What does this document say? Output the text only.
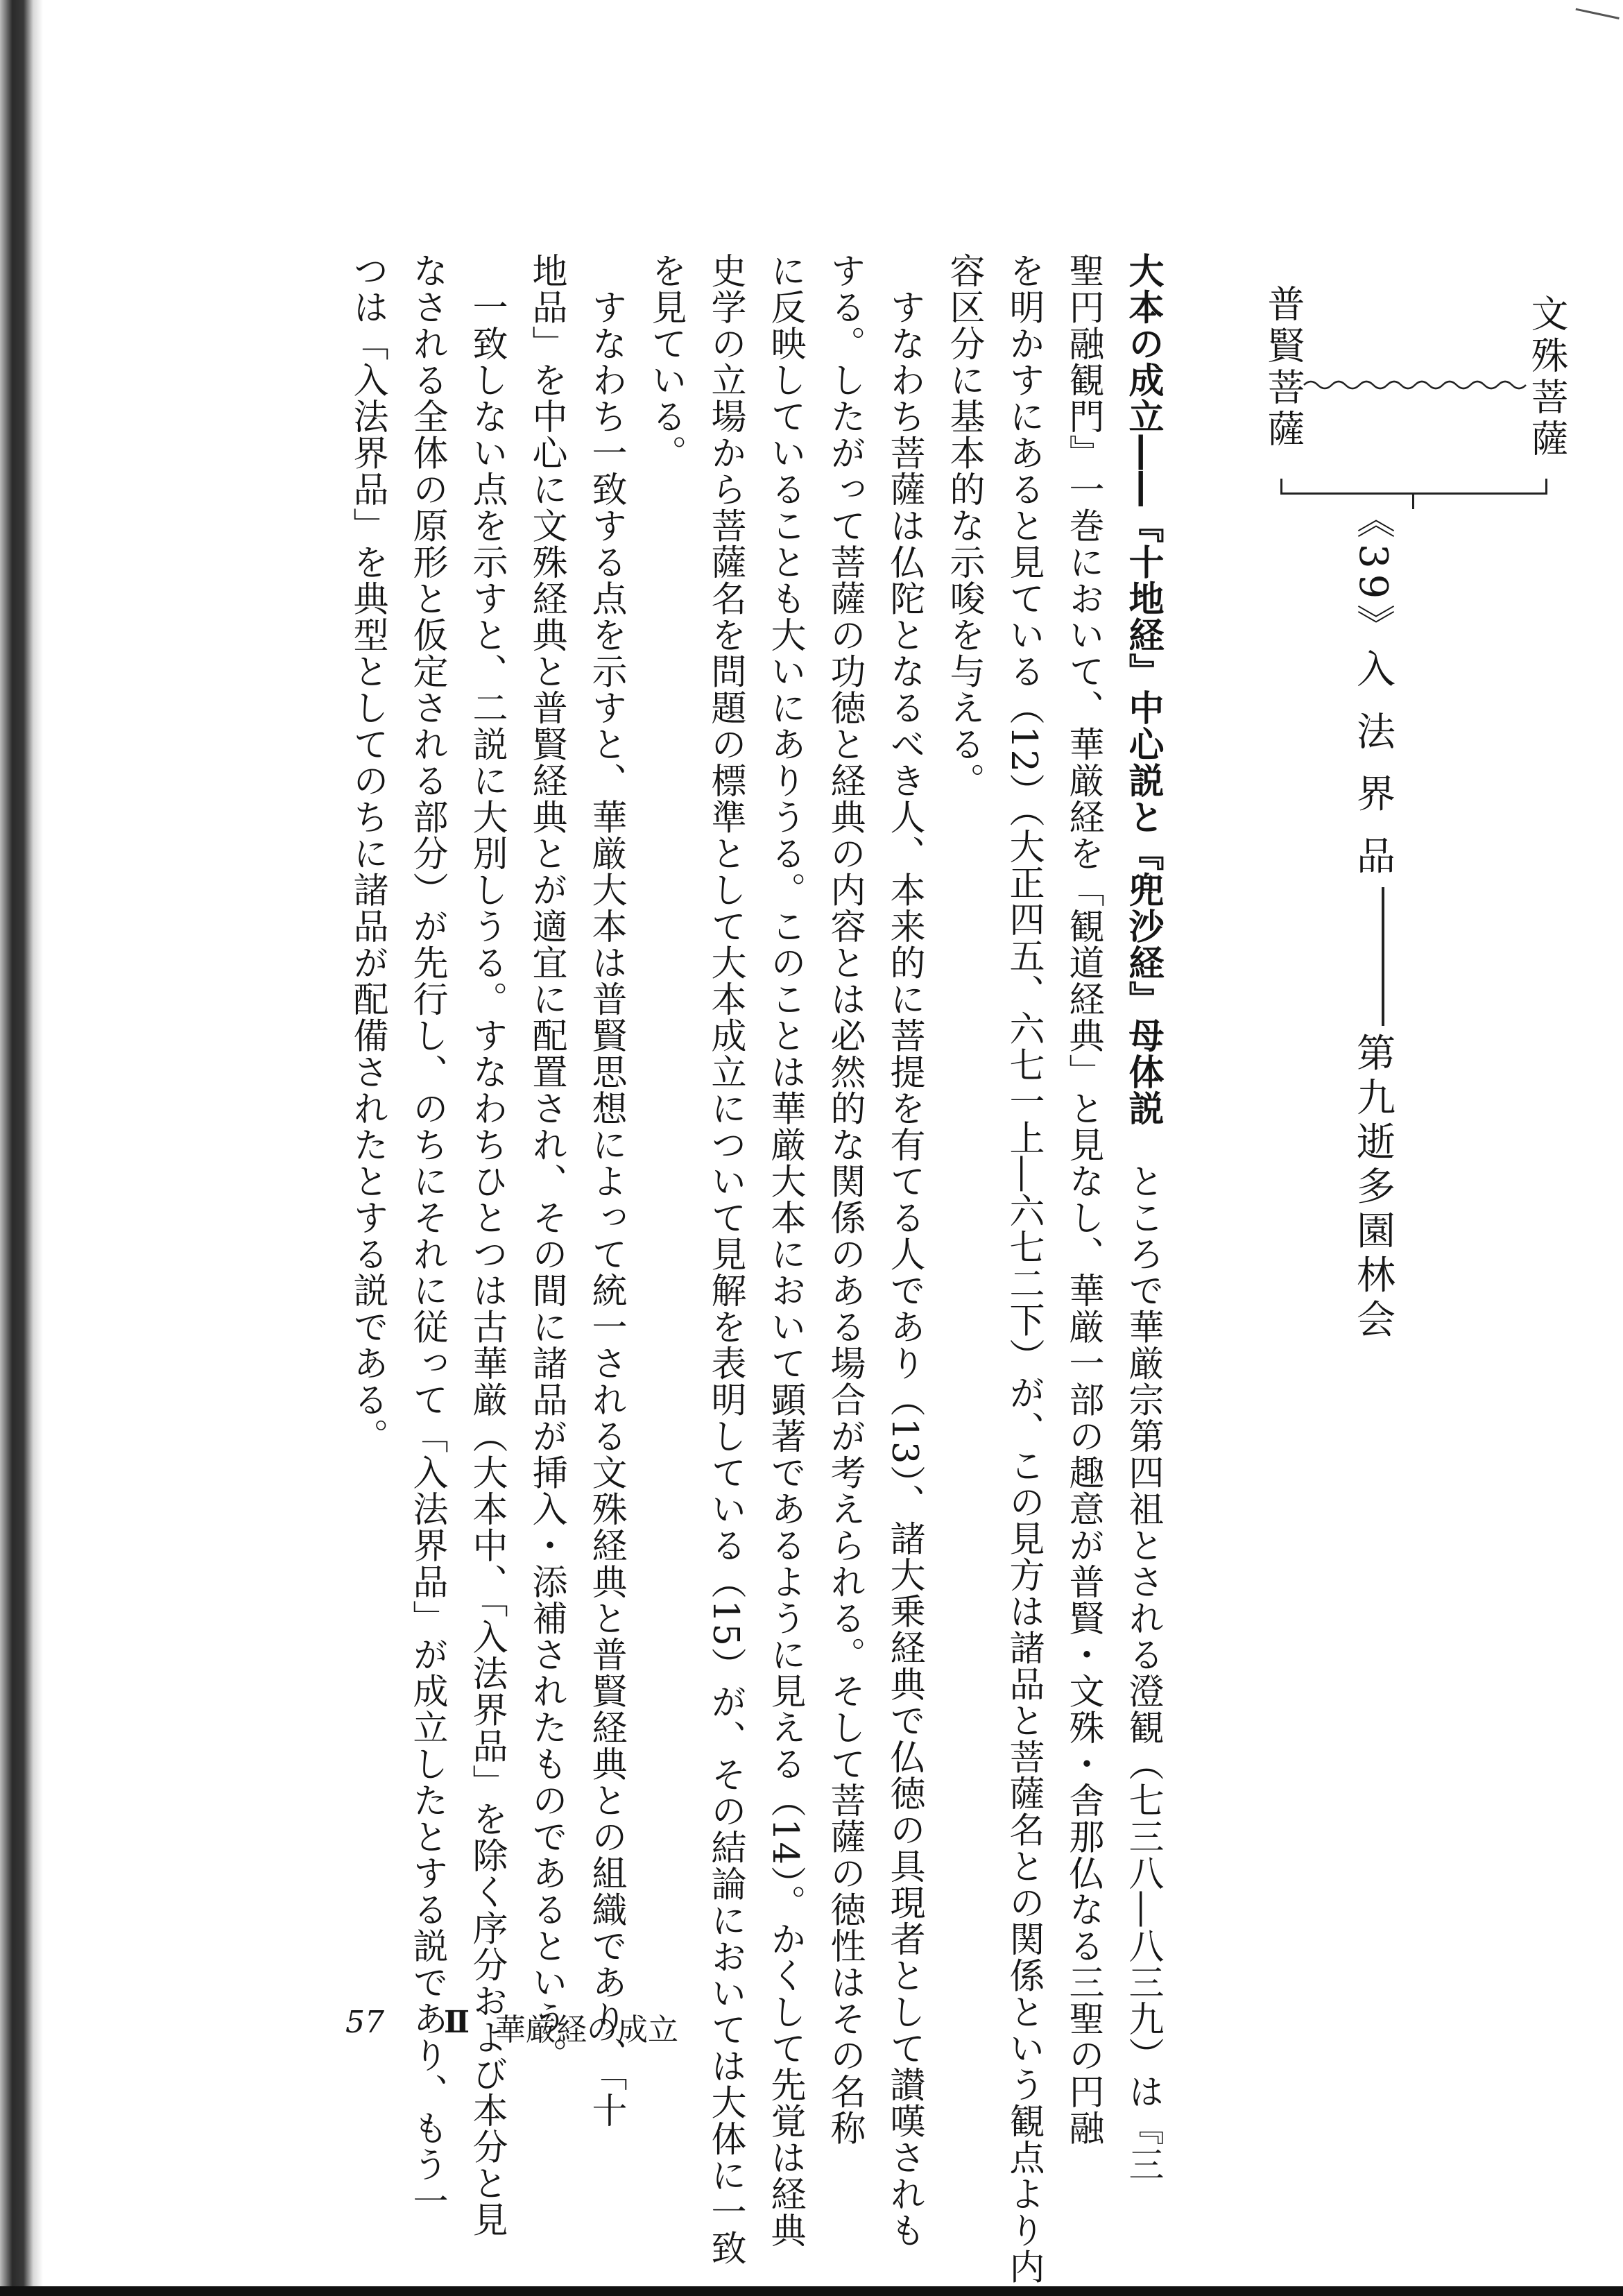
文殊菩薩
普賢菩薩
《39》入 法 界 品第九逝多園林会
大本の成立――『十地経』中心説と『兜沙経』母体説　ところで華厳宗第四祖とされる澄観（七三八―八三九）は『三
聖円融観門』一巻において、華厳経を「観道経典」と見なし、華厳一部の趣意が普賢・文殊・舎那仏なる三聖の円融
を明かすにあると見ている（12）（大正四五、六七一上―六七二下）が、この見方は諸品と菩薩名との関係という観点より内
容区分に基本的な示唆を与える。
　すなわち菩薩は仏陀となるべき人、本来的に菩提を有てる人であり（13）、諸大乗経典で仏徳の具現者として讃嘆されも
する。したがって菩薩の功徳と経典の内容とは必然的な関係のある場合が考えられる。そして菩薩の徳性はその名称
に反映していることも大いにありうる。このことは華厳大本において顕著であるように見える（14）。かくして先覚は経典
史学の立場から菩薩名を問題の標準として大本成立について見解を表明している（15）が、その結論においては大体に一致
を見ている。
　すなわち一致する点を示すと、華厳大本は普賢思想によって統一される文殊経典と普賢経典との組織であり、「十
地品」を中心に文殊経典と普賢経典とが適宜に配置され、その間に諸品が挿入・添補されたものであるという。
　一致しない点を示すと、二説に大別しうる。すなわちひとつは古華厳（大本中、「入法界品」を除く序分および本分と見
なされる全体の原形と仮定される部分）が先行し、のちにそれに従って「入法界品」が成立したとする説であり、もう一
つは「入法界品」を典型としてのちに諸品が配備されたとする説である。
57 Ⅱ 華厳経の成立
